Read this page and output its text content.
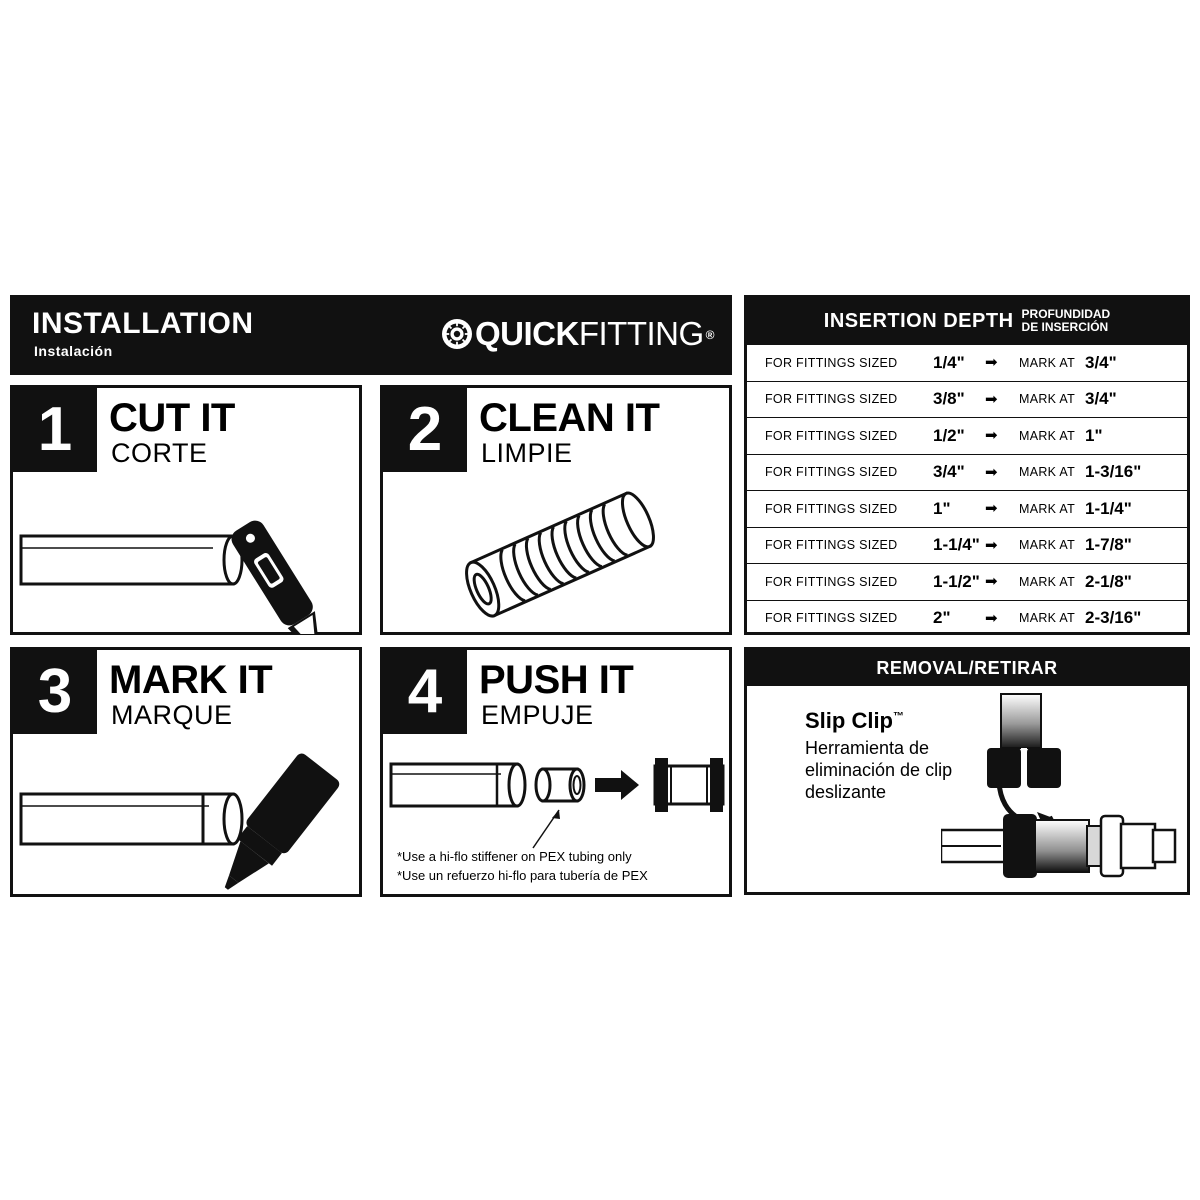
INSTALLATION
Instalación	QUICK FITTING ®
1 CUT IT
CORTE	2 CLEAN IT
LIMPIE
3 MARK IT
MARQUE	4 PUSH IT
EMPUJE
*Use a hi-flo stiffener on PEX tubing only
*Use un refuerzo hi-flo para tubería de PEX
INSERTION DEPTH PROFUNDIDAD
DE INSERCIÓN
FOR FITTINGS SIZED 1/4" ➡ MARK AT 3/4"
FOR FITTINGS SIZED 3/8" ➡ MARK AT 3/4"
FOR FITTINGS SIZED 1/2" ➡ MARK AT 1"
FOR FITTINGS SIZED 3/4" ➡ MARK AT 1-3/16"
FOR FITTINGS SIZED 1" ➡ MARK AT 1-1/4"
FOR FITTINGS SIZED 1-1/4" ➡ MARK AT 1-7/8"
FOR FITTINGS SIZED 1-1/2" ➡ MARK AT 2-1/8"
FOR FITTINGS SIZED 2" ➡ MARK AT 2-3/16"
REMOVAL/RETIRAR
Slip Clip™
Herramienta de eliminación de clip deslizante
